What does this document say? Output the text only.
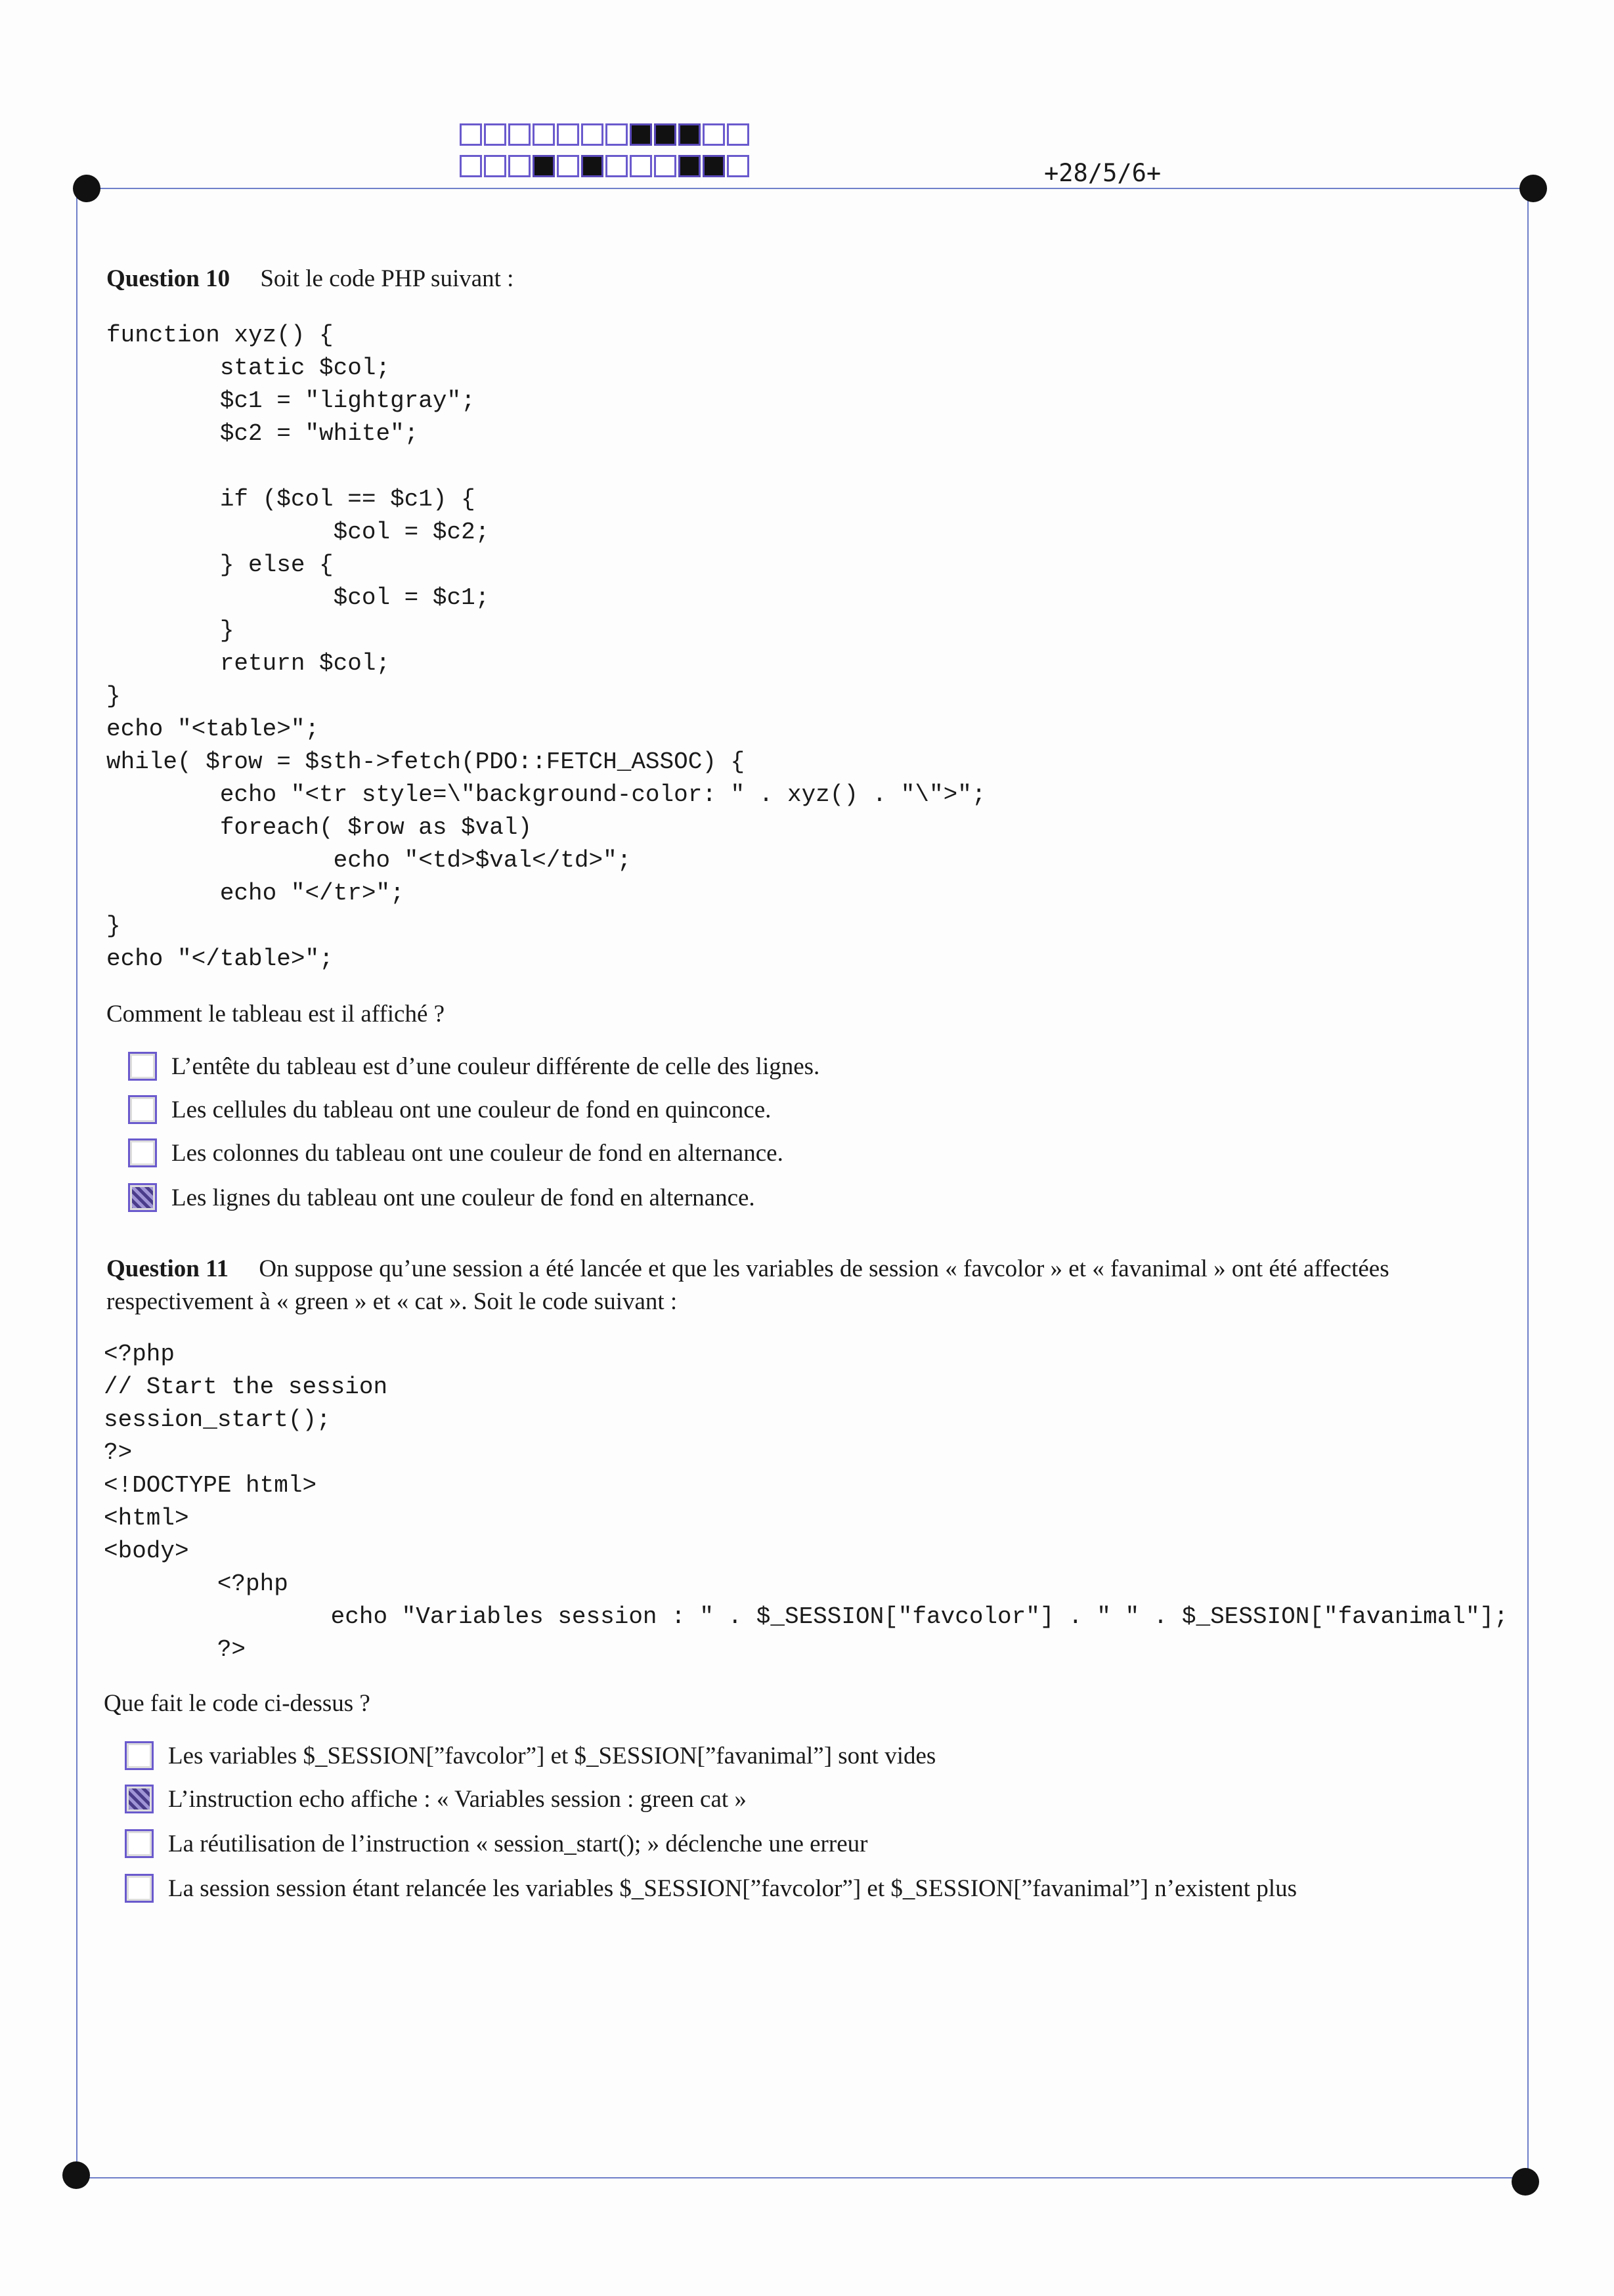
+28/5/6+
Question 10 Soit le code PHP suivant :
function xyz() {
static $col;
$c1 = "lightgray";
$c2 = "white";

if ($col == $c1) {
$col = $c2;
} else {
$col = $c1;
}
return $col;
}
echo "<table>";
while( $row = $sth->fetch(PDO::FETCH_ASSOC) {
echo "<tr style=\"background-color: " . xyz() . "\">";
foreach( $row as $val)
echo "<td>$val</td>";
echo "</tr>";
}
echo "</table>";
Comment le tableau est il affiché ?
L’entête du tableau est d’une couleur différente de celle des lignes.
Les cellules du tableau ont une couleur de fond en quinconce.
Les colonnes du tableau ont une couleur de fond en alternance.
Les lignes du tableau ont une couleur de fond en alternance.
Question 11 On suppose qu’une session a été lancée et que les variables de session « favcolor » et « favanimal » ont été affectées respectivement à « green » et « cat ». Soit le code suivant :
<?php
// Start the session
session_start();
?>
<!DOCTYPE html>
<html>
<body>
<?php
echo "Variables session : " . $_SESSION["favcolor"] . " " . $_SESSION["favanimal"];
?>
Que fait le code ci-dessus ?
Les variables $_SESSION[”favcolor”] et $_SESSION[”favanimal”] sont vides
L’instruction echo affiche : « Variables session : green cat »
La réutilisation de l’instruction « session_start(); » déclenche une erreur
La session session étant relancée les variables $_SESSION[”favcolor”] et $_SESSION[”favanimal”] n’existent plus
